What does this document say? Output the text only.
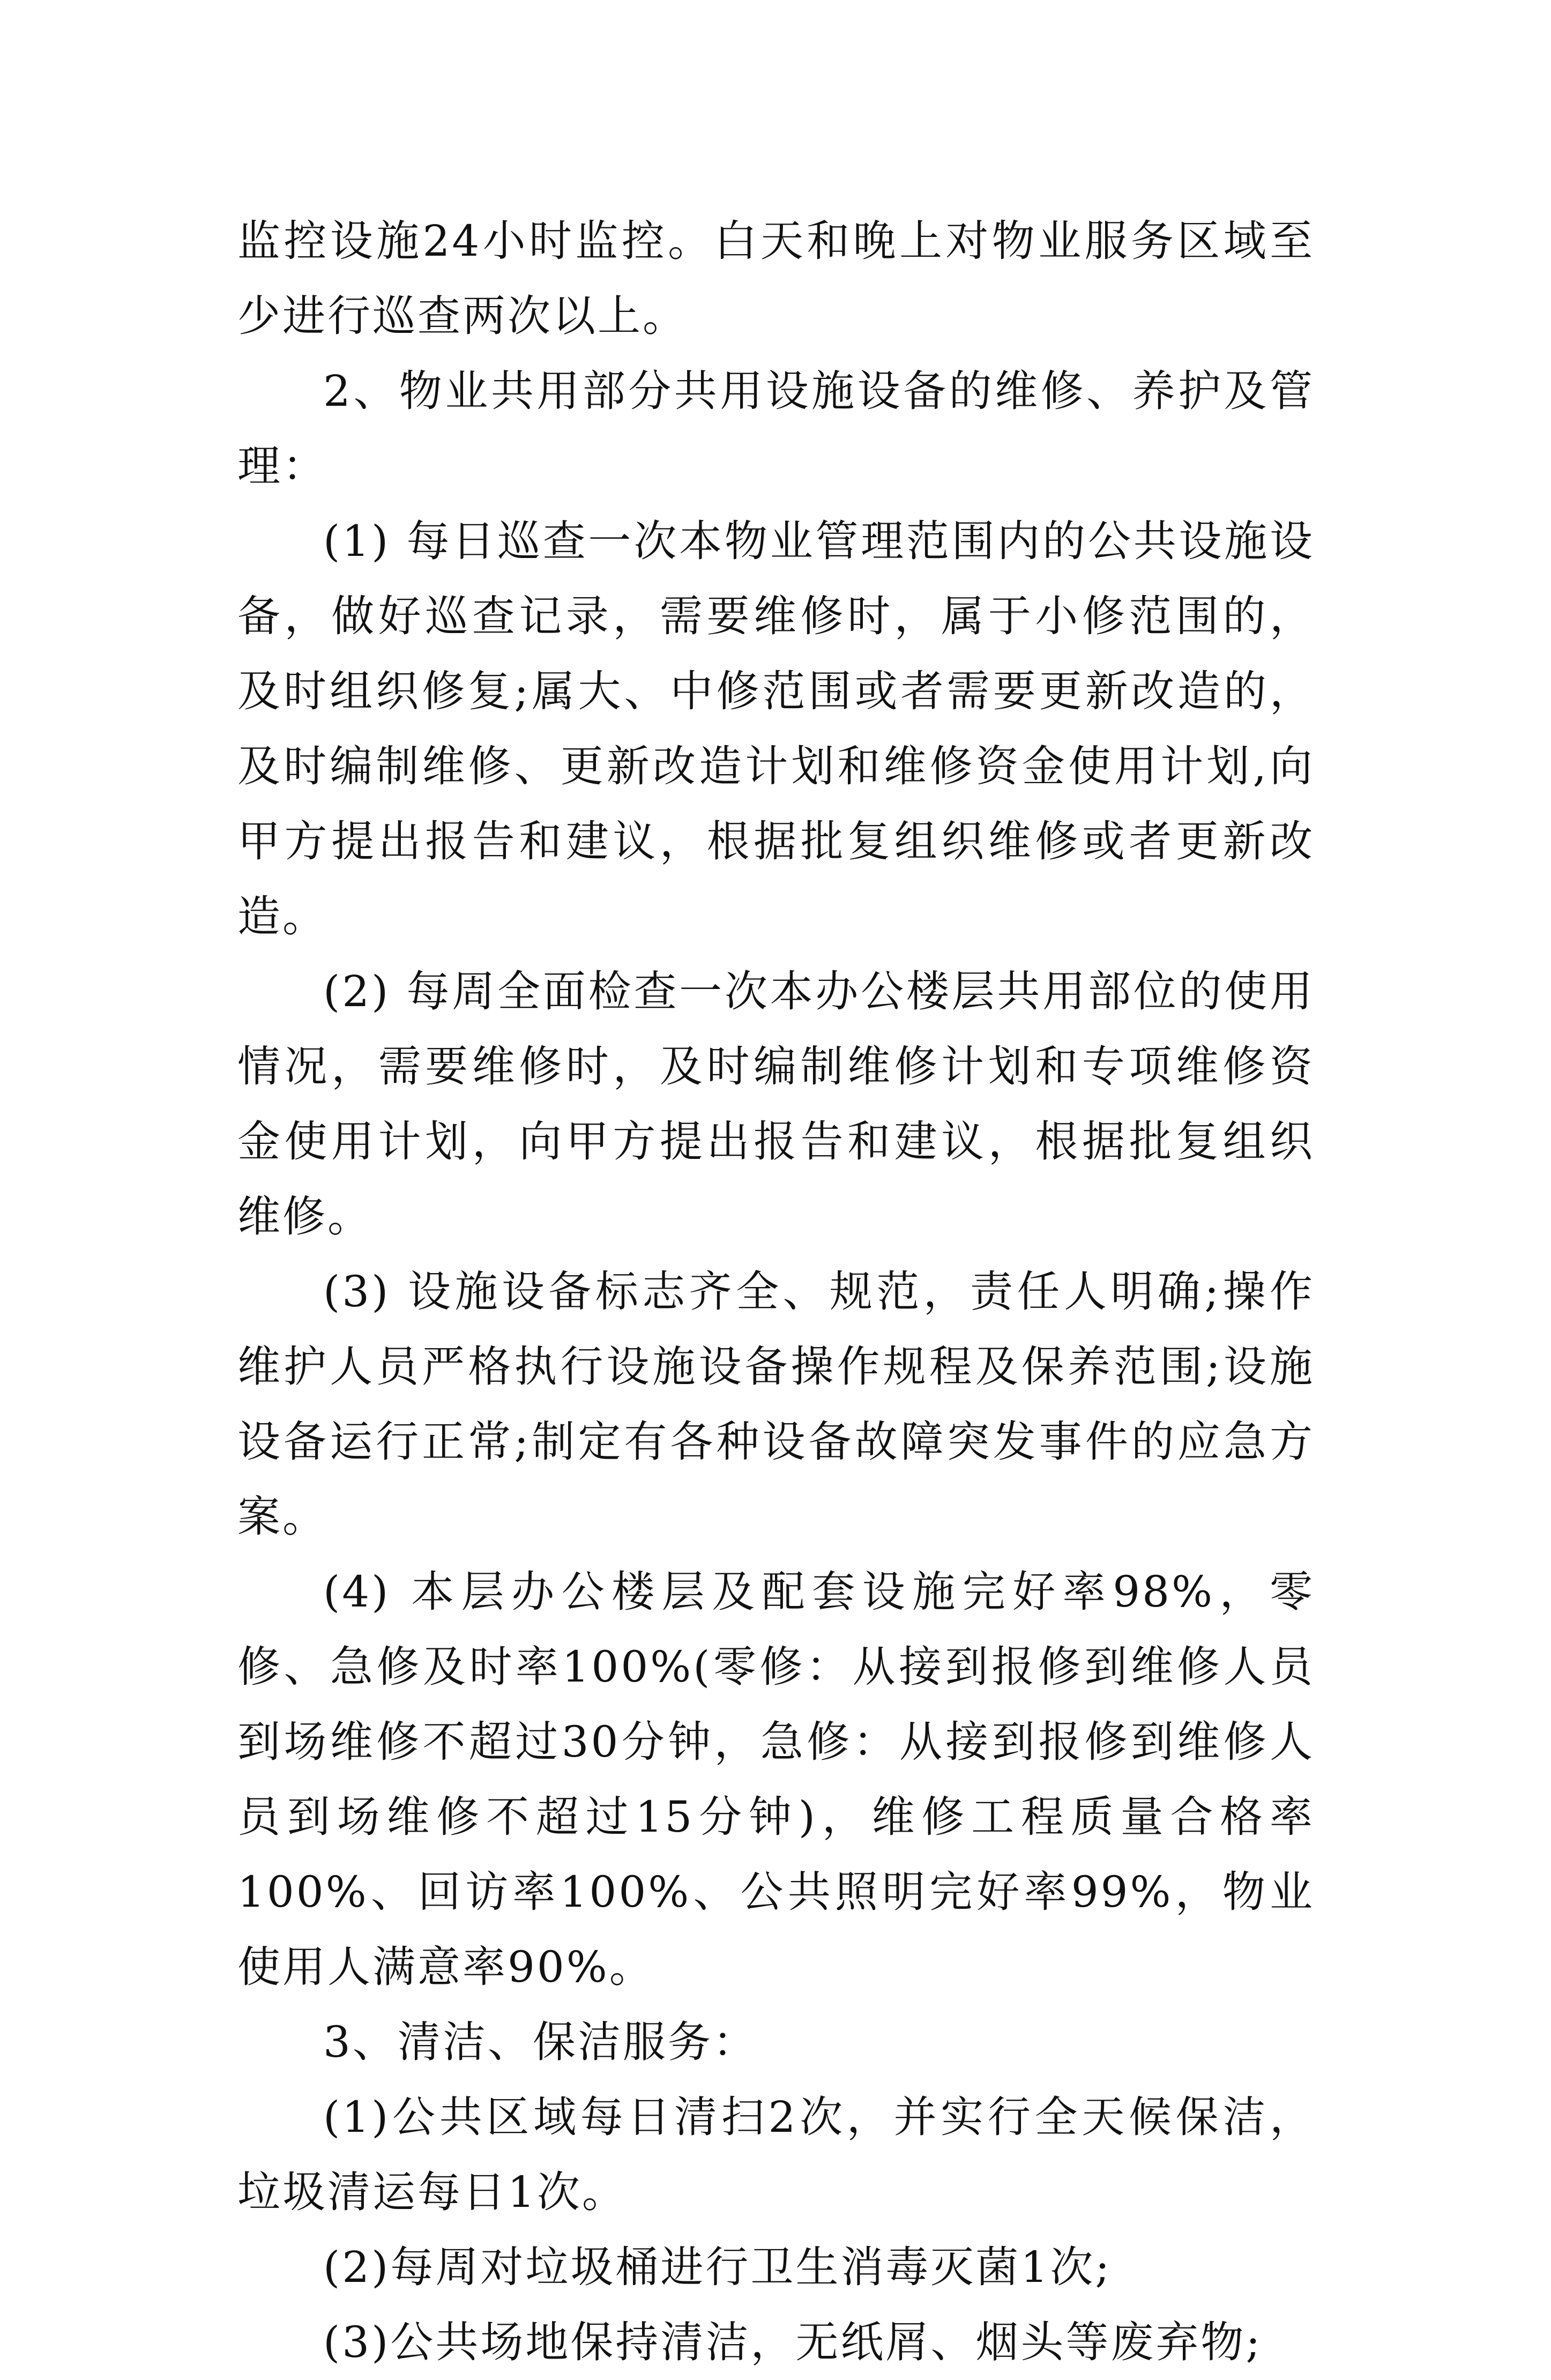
监控设施24小时监控。白天和晚上对物业服务区域至少进行巡查两次以上。

2、物业共用部分共用设施设备的维修、养护及管理：

(1) 每日巡查一次本物业管理范围内的公共设施设备，做好巡查记录，需要维修时，属于小修范围的，及时组织修复;属大、中修范围或者需要更新改造的，及时编制维修、更新改造计划和维修资金使用计划,向甲方提出报告和建议，根据批复组织维修或者更新改造。

(2) 每周全面检查一次本办公楼层共用部位的使用情况，需要维修时，及时编制维修计划和专项维修资金使用计划，向甲方提出报告和建议，根据批复组织维修。

(3) 设施设备标志齐全、规范，责任人明确;操作维护人员严格执行设施设备操作规程及保养范围;设施设备运行正常;制定有各种设备故障突发事件的应急方案。

(4) 本层办公楼层及配套设施完好率98%，零修、急修及时率100%(零修：从接到报修到维修人员到场维修不超过30分钟，急修：从接到报修到维修人员到场维修不超过15分钟)，维修工程质量合格率100%、回访率100%、公共照明完好率99%，物业使用人满意率90%。

3、清洁、保洁服务：

(1)公共区域每日清扫2次，并实行全天候保洁，垃圾清运每日1次。

(2)每周对垃圾桶进行卫生消毒灭菌1次;

(3)公共场地保持清洁，无纸屑、烟头等废弃物;
